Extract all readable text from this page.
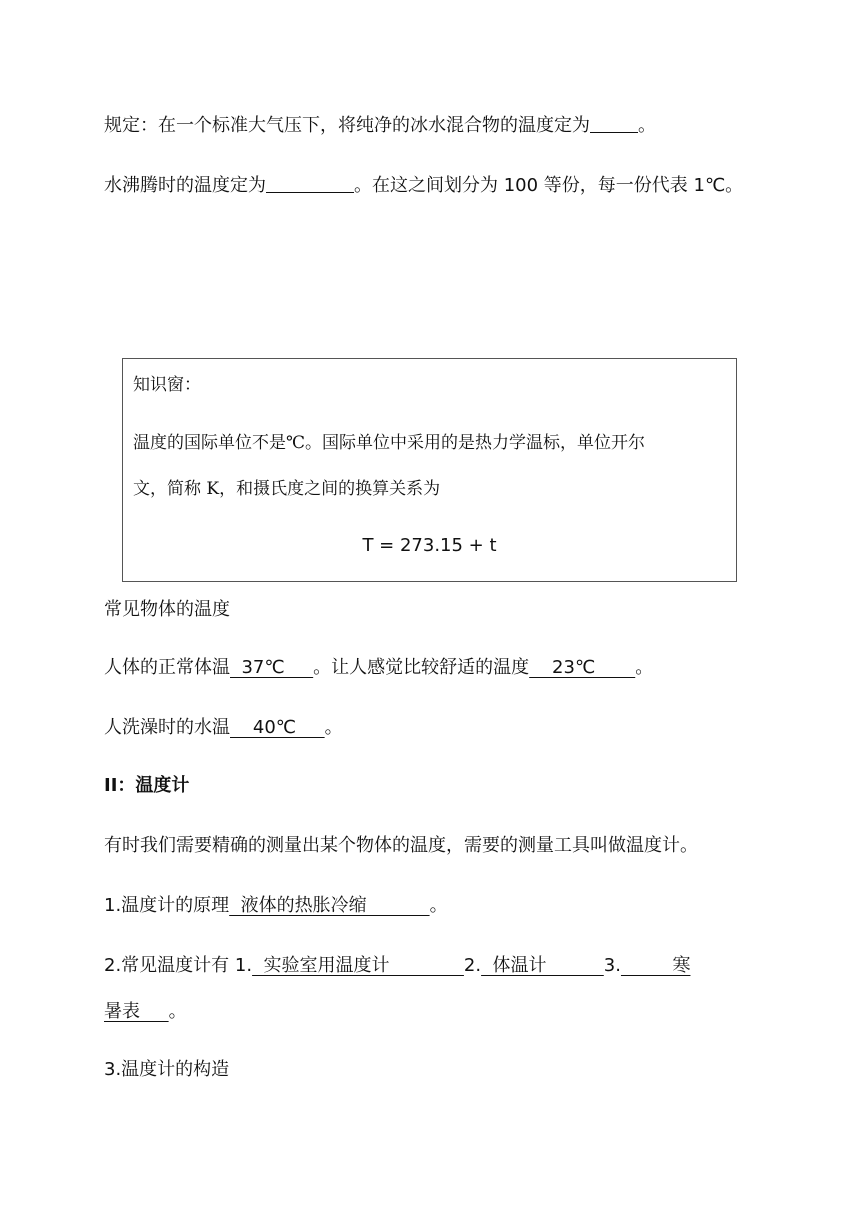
规定：在一个标准大气压下，将纯净的冰水混合物的温度定为	。
水沸腾时的温度定为	。在这之间划分为 100 等份，每一份代表 1℃。
知识窗：
温度的国际单位不是℃。国际单位中采用的是热力学温标，单位开尔
文，简称 K，和摄氏度之间的换算关系为
T = 273.15 + t
常见物体的温度
人体的正常体温  37℃     。让人感觉比较舒适的温度    23℃       。
人洗澡时的水温    40℃     。
II：温度计
有时我们需要精确的测量出某个物体的温度，需要的测量工具叫做温度计。
1.温度计的原理  液体的热胀冷缩           。
2.常见温度计有 1.  实验室用温度计             2.  体温计          3.         寒
暑表     。
3.温度计的构造
